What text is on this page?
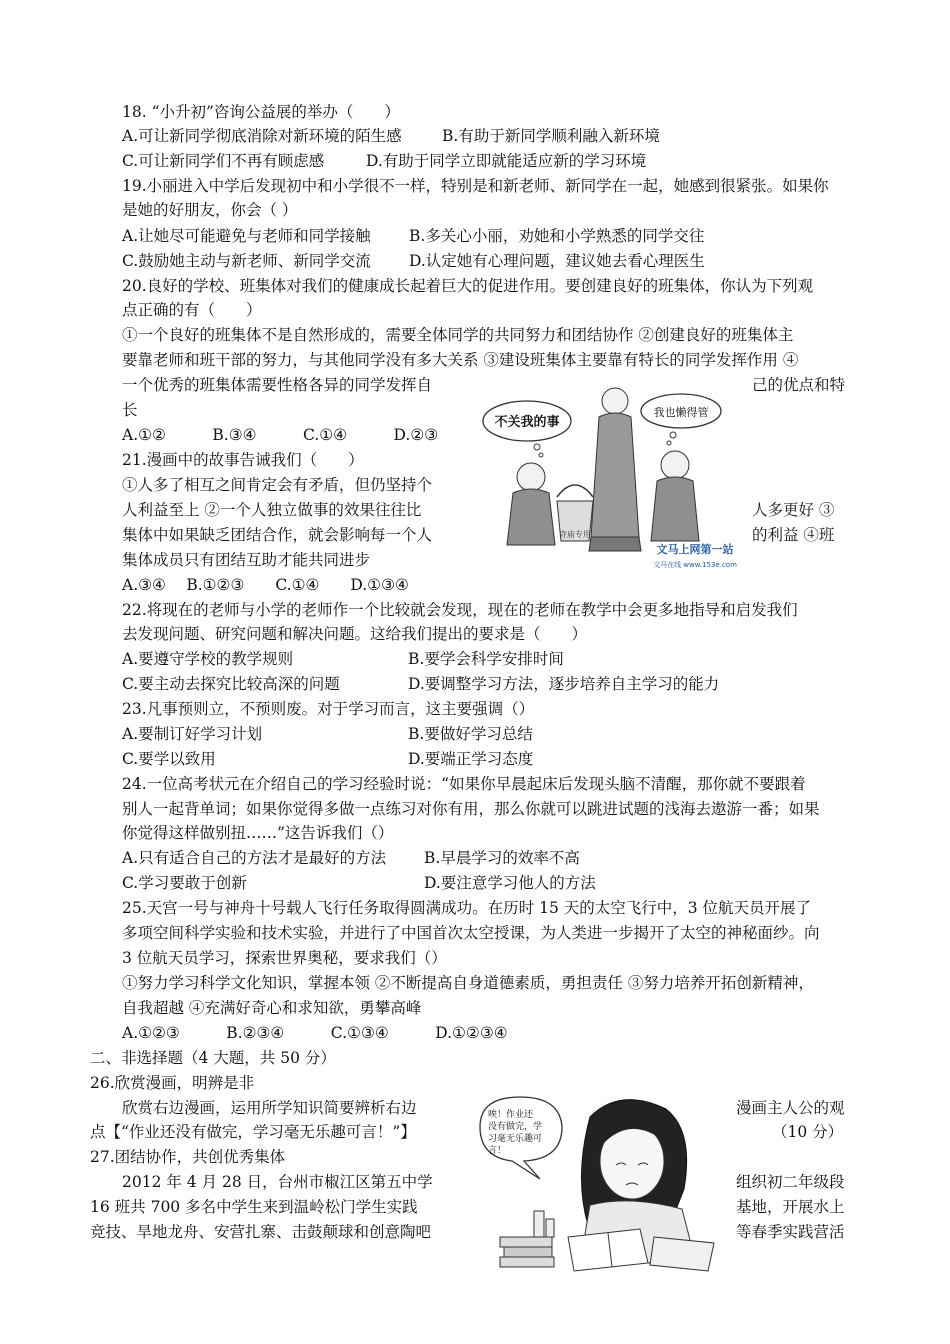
18. “小升初”咨询公益展的举办（　　）
A.可让新同学彻底消除对新环境的陌生感	B.有助于新同学顺利融入新环境
C.可让新同学们不再有顾虑感	D.有助于同学立即就能适应新的学习环境
19.小丽进入中学后发现初中和小学很不一样，特别是和新老师、新同学在一起，她感到很紧张。如果你
是她的好朋友，你会（ ）
A.让她尽可能避免与老师和同学接触 B.多关心小丽，劝她和小学熟悉的同学交往
C.鼓励她主动与新老师、新同学交流 D.认定她有心理问题，建议她去看心理医生
20.良好的学校、班集体对我们的健康成长起着巨大的促进作用。要创建良好的班集体，你认为下列观
点正确的有（　　）
①一个良好的班集体不是自然形成的，需要全体同学的共同努力和团结协作 ②创建良好的班集体主
要靠老师和班干部的努力，与其他同学没有多大关系 ③建设班集体主要靠有特长的同学发挥作用 ④
一个优秀的班集体需要性格各异的同学发挥自	己的优点和特
长
A.①②　　　B.③④　　　C.①④　　　D.②③
21.漫画中的故事告诫我们（　　）
①人多了相互之间肯定会有矛盾，但仍坚持个
人利益至上 ②一个人独立做事的效果往往比	人多更好 ③
集体中如果缺乏团结合作，就会影响每一个人	的利益 ④班
集体成员只有团结互助才能共同进步
A.③④　 B.①②③　　C.①④　　D.①③④
22.将现在的老师与小学的老师作一个比较就会发现，现在的老师在教学中会更多地指导和启发我们
去发现问题、研究问题和解决问题。这给我们提出的要求是（　　）
A.要遵守学校的教学规则	B.要学会科学安排时间
C.要主动去探究比较高深的问题	D.要调整学习方法，逐步培养自主学习的能力
23.凡事预则立，不预则废。对于学习而言，这主要强调（）
A.要制订好学习计划	B.要做好学习总结
C.要学以致用	D.要端正学习态度
24.一位高考状元在介绍自己的学习经验时说：“如果你早晨起床后发现头脑不清醒，那你就不要跟着
别人一起背单词；如果你觉得多做一点练习对你有用，那么你就可以跳进试题的浅海去遨游一番；如果
你觉得这样做别扭……”这告诉我们（）
A.只有适合自己的方法才是最好的方法 B.早晨学习的效率不高
C.学习要敢于创新	D.要注意学习他人的方法
25.天宫一号与神舟十号载人飞行任务取得圆满成功。在历时 15 天的太空飞行中，3 位航天员开展了
多项空间科学实验和技术实验，并进行了中国首次太空授课，为人类进一步揭开了太空的神秘面纱。向
3 位航天员学习，探索世界奥秘，要求我们（）
①努力学习科学文化知识，掌握本领 ②不断提高自身道德素质，勇担责任 ③努力培养开拓创新精神，
自我超越 ④充满好奇心和求知欲，勇攀高峰
A.①②③　　　B.②③④　　　C.①③④　　　D.①②③④
二、非选择题（4 大题，共 50 分）
26.欣赏漫画，明辨是非
欣赏右边漫画，运用所学知识简要辨析右边	漫画主人公的观
点【“作业还没有做完，学习毫无乐趣可言！”】	（10 分）
27.团结协作，共创优秀集体
2012 年 4 月 28 日，台州市椒江区第五中学	组织初二年级段
16 班共 700 多名中学生来到温岭松门学生实践	基地，开展水上
竞技、旱地龙舟、安营扎寨、击鼓颠球和创意陶吧	等春季实践营活
不关我的事
我也懒得管
寺庙专用
文马上网第一站
文马在线 www.153e.com
唉！作业还
没有做完，学
习毫无乐趣可
言！
